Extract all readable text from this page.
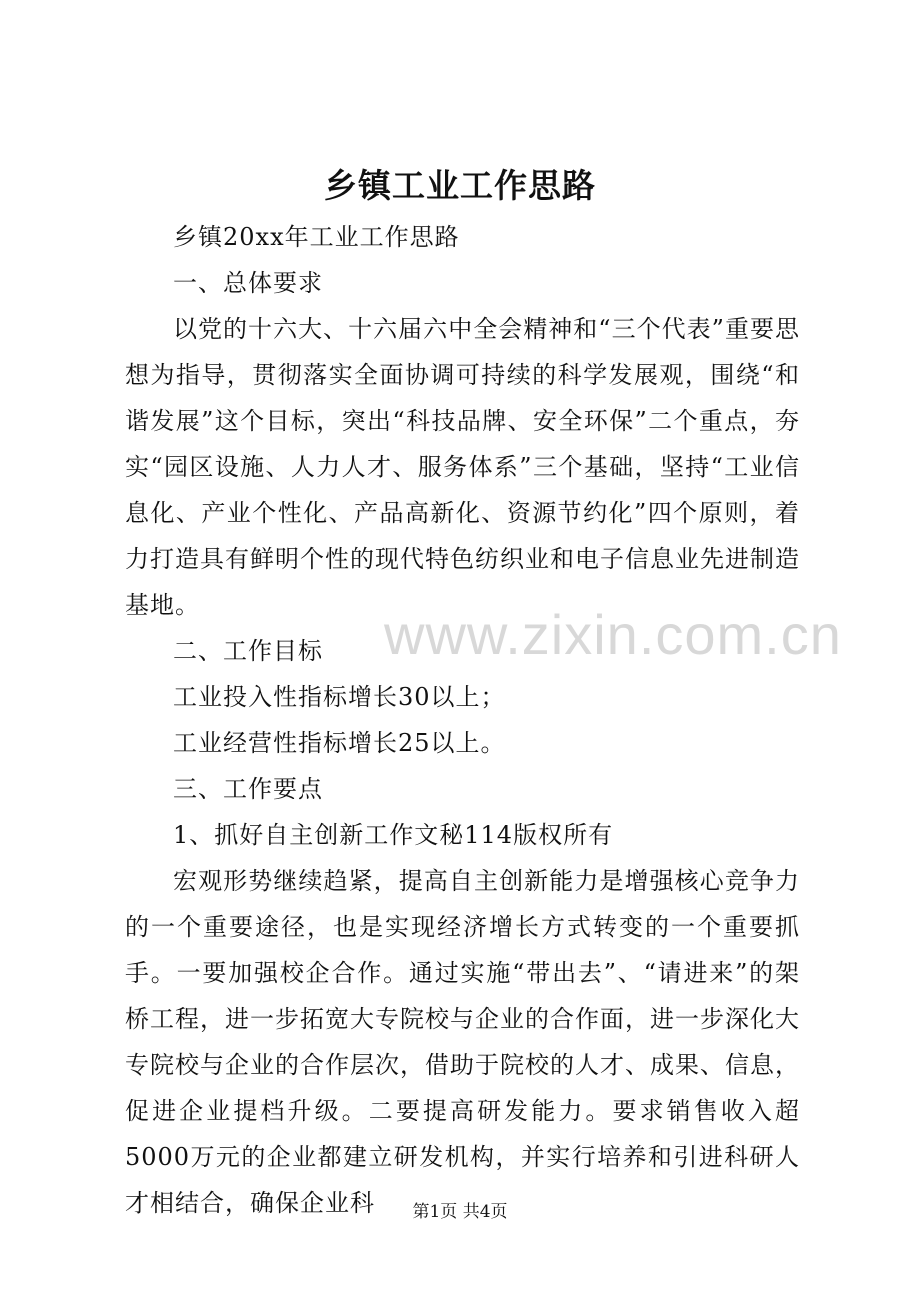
乡镇工业工作思路

乡镇20xx年工业工作思路

一、总体要求

以党的十六大、十六届六中全会精神和“三个代表”重要思想为指导，贯彻落实全面协调可持续的科学发展观，围绕“和谐发展”这个目标，突出“科技品牌、安全环保”二个重点，夯实“园区设施、人力人才、服务体系”三个基础，坚持“工业信息化、产业个性化、产品高新化、资源节约化”四个原则，着力打造具有鲜明个性的现代特色纺织业和电子信息业先进制造基地。

二、工作目标

工业投入性指标增长30以上；

工业经营性指标增长25以上。

三、工作要点

1、抓好自主创新工作文秘114版权所有

宏观形势继续趋紧，提高自主创新能力是增强核心竞争力的一个重要途径，也是实现经济增长方式转变的一个重要抓手。一要加强校企合作。通过实施“带出去”、“请进来”的架桥工程，进一步拓宽大专院校与企业的合作面，进一步深化大专院校与企业的合作层次，借助于院校的人才、成果、信息，促进企业提档升级。二要提高研发能力。要求销售收入超5000万元的企业都建立研发机构，并实行培养和引进科研人才相结合，确保企业科

www.zixin.com.cn
第1页 共4页
